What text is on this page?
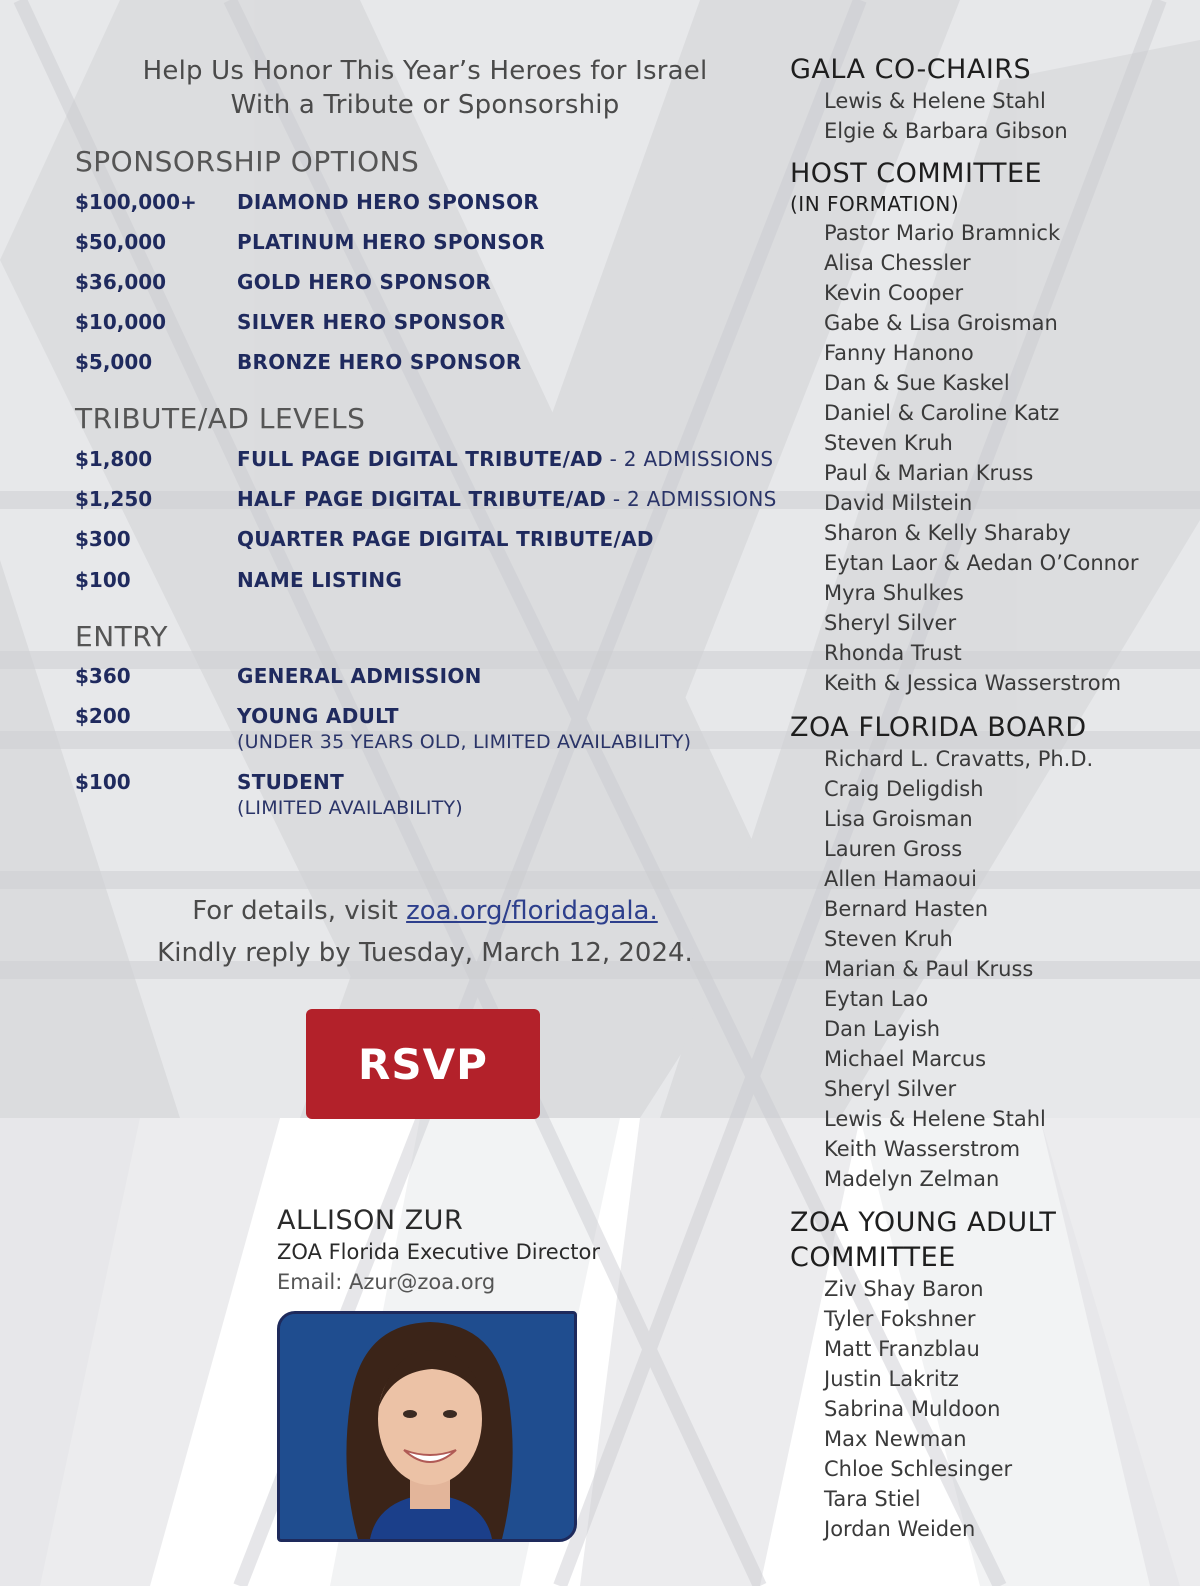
Help Us Honor This Year’s Heroes for Israel
With a Tribute or Sponsorship
SPONSORSHIP OPTIONS
$100,000+ DIAMOND HERO SPONSOR
$50,000	PLATINUM HERO SPONSOR
$36,000	GOLD HERO SPONSOR
$10,000	SILVER HERO SPONSOR
$5,000	BRONZE HERO SPONSOR
TRIBUTE/AD LEVELS
$1,800	FULL PAGE DIGITAL TRIBUTE/AD - 2 ADMISSIONS
$1,250	HALF PAGE DIGITAL TRIBUTE/AD - 2 ADMISSIONS
$300	QUARTER PAGE DIGITAL TRIBUTE/AD
$100	NAME LISTING
ENTRY
$360	GENERAL ADMISSION
$200	YOUNG ADULT
(UNDER 35 YEARS OLD, LIMITED AVAILABILITY)
$100	STUDENT
(LIMITED AVAILABILITY)
For details, visit zoa.org/floridagala.
Kindly reply by Tuesday, March 12, 2024.
RSVP
ALLISON ZUR
ZOA Florida Executive Director
Email: Azur@zoa.org
GALA CO-CHAIRS
Lewis & Helene Stahl
Elgie & Barbara Gibson
HOST COMMITTEE
(IN FORMATION)
Pastor Mario Bramnick
Alisa Chessler
Kevin Cooper
Gabe & Lisa Groisman
Fanny Hanono
Dan & Sue Kaskel
Daniel & Caroline Katz
Steven Kruh
Paul & Marian Kruss
David Milstein
Sharon & Kelly Sharaby
Eytan Laor & Aedan O’Connor
Myra Shulkes
Sheryl Silver
Rhonda Trust
Keith & Jessica Wasserstrom
ZOA FLORIDA BOARD
Richard L. Cravatts, Ph.D.
Craig Deligdish
Lisa Groisman
Lauren Gross
Allen Hamaoui
Bernard Hasten
Steven Kruh
Marian & Paul Kruss
Eytan Lao
Dan Layish
Michael Marcus
Sheryl Silver
Lewis & Helene Stahl
Keith Wasserstrom
Madelyn Zelman
ZOA YOUNG ADULT
COMMITTEE
Ziv Shay Baron
Tyler Fokshner
Matt Franzblau
Justin Lakritz
Sabrina Muldoon
Max Newman
Chloe Schlesinger
Tara Stiel
Jordan Weiden
